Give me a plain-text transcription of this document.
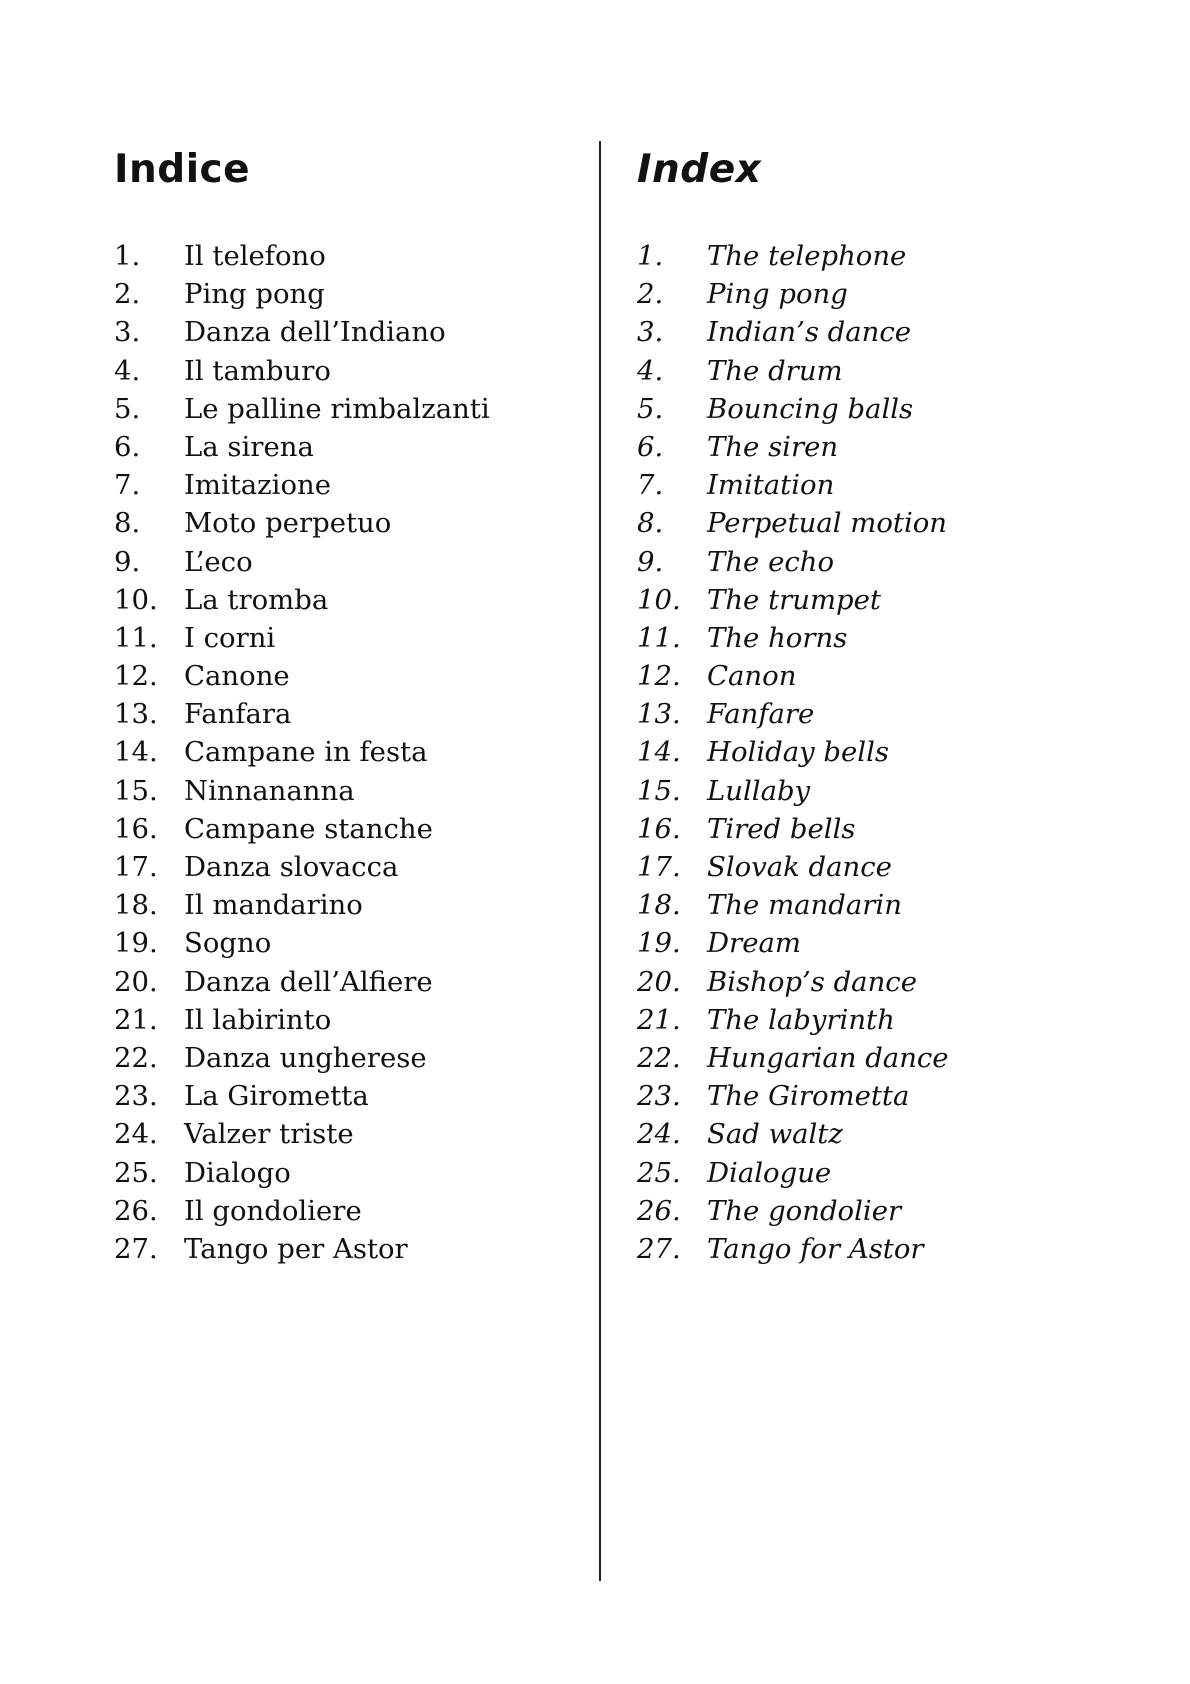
Indice
1. Il telefono
2. Ping pong
3. Danza dell’Indiano
4. Il tamburo
5. Le palline rimbalzanti
6. La sirena
7. Imitazione
8. Moto perpetuo
9. L’eco
10. La tromba
11. I corni
12. Canone
13. Fanfara
14. Campane in festa
15. Ninnananna
16. Campane stanche
17. Danza slovacca
18. Il mandarino
19. Sogno
20. Danza dell’Alfiere
21. Il labirinto
22. Danza ungherese
23. La Girometta
24. Valzer triste
25. Dialogo
26. Il gondoliere
27. Tango per Astor
Index
1. The telephone
2. Ping pong
3. Indian’s dance
4. The drum
5. Bouncing balls
6. The siren
7. Imitation
8. Perpetual motion
9. The echo
10. The trumpet
11. The horns
12. Canon
13. Fanfare
14. Holiday bells
15. Lullaby
16. Tired bells
17. Slovak dance
18. The mandarin
19. Dream
20. Bishop’s dance
21. The labyrinth
22. Hungarian dance
23. The Girometta
24. Sad waltz
25. Dialogue
26. The gondolier
27. Tango for Astor
